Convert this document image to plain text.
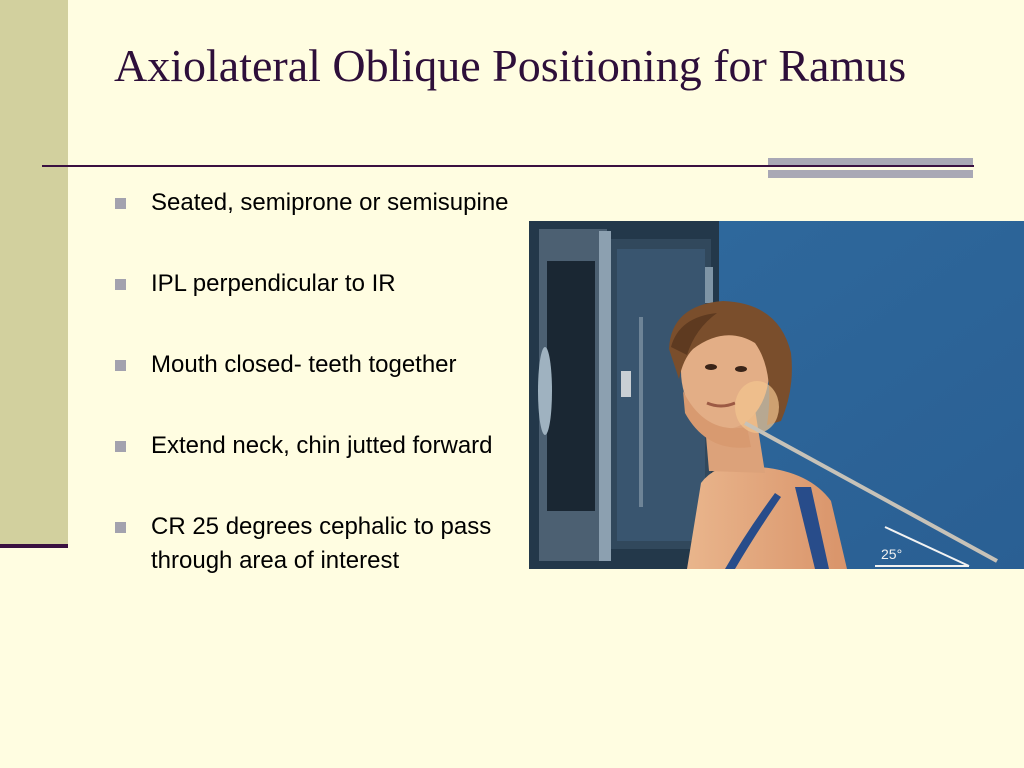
Axiolateral Oblique Positioning for Ramus
Seated, semiprone or semisupine
IPL perpendicular to IR
Mouth closed- teeth together
Extend neck, chin jutted forward
CR 25 degrees cephalic to pass through area of interest	25°
